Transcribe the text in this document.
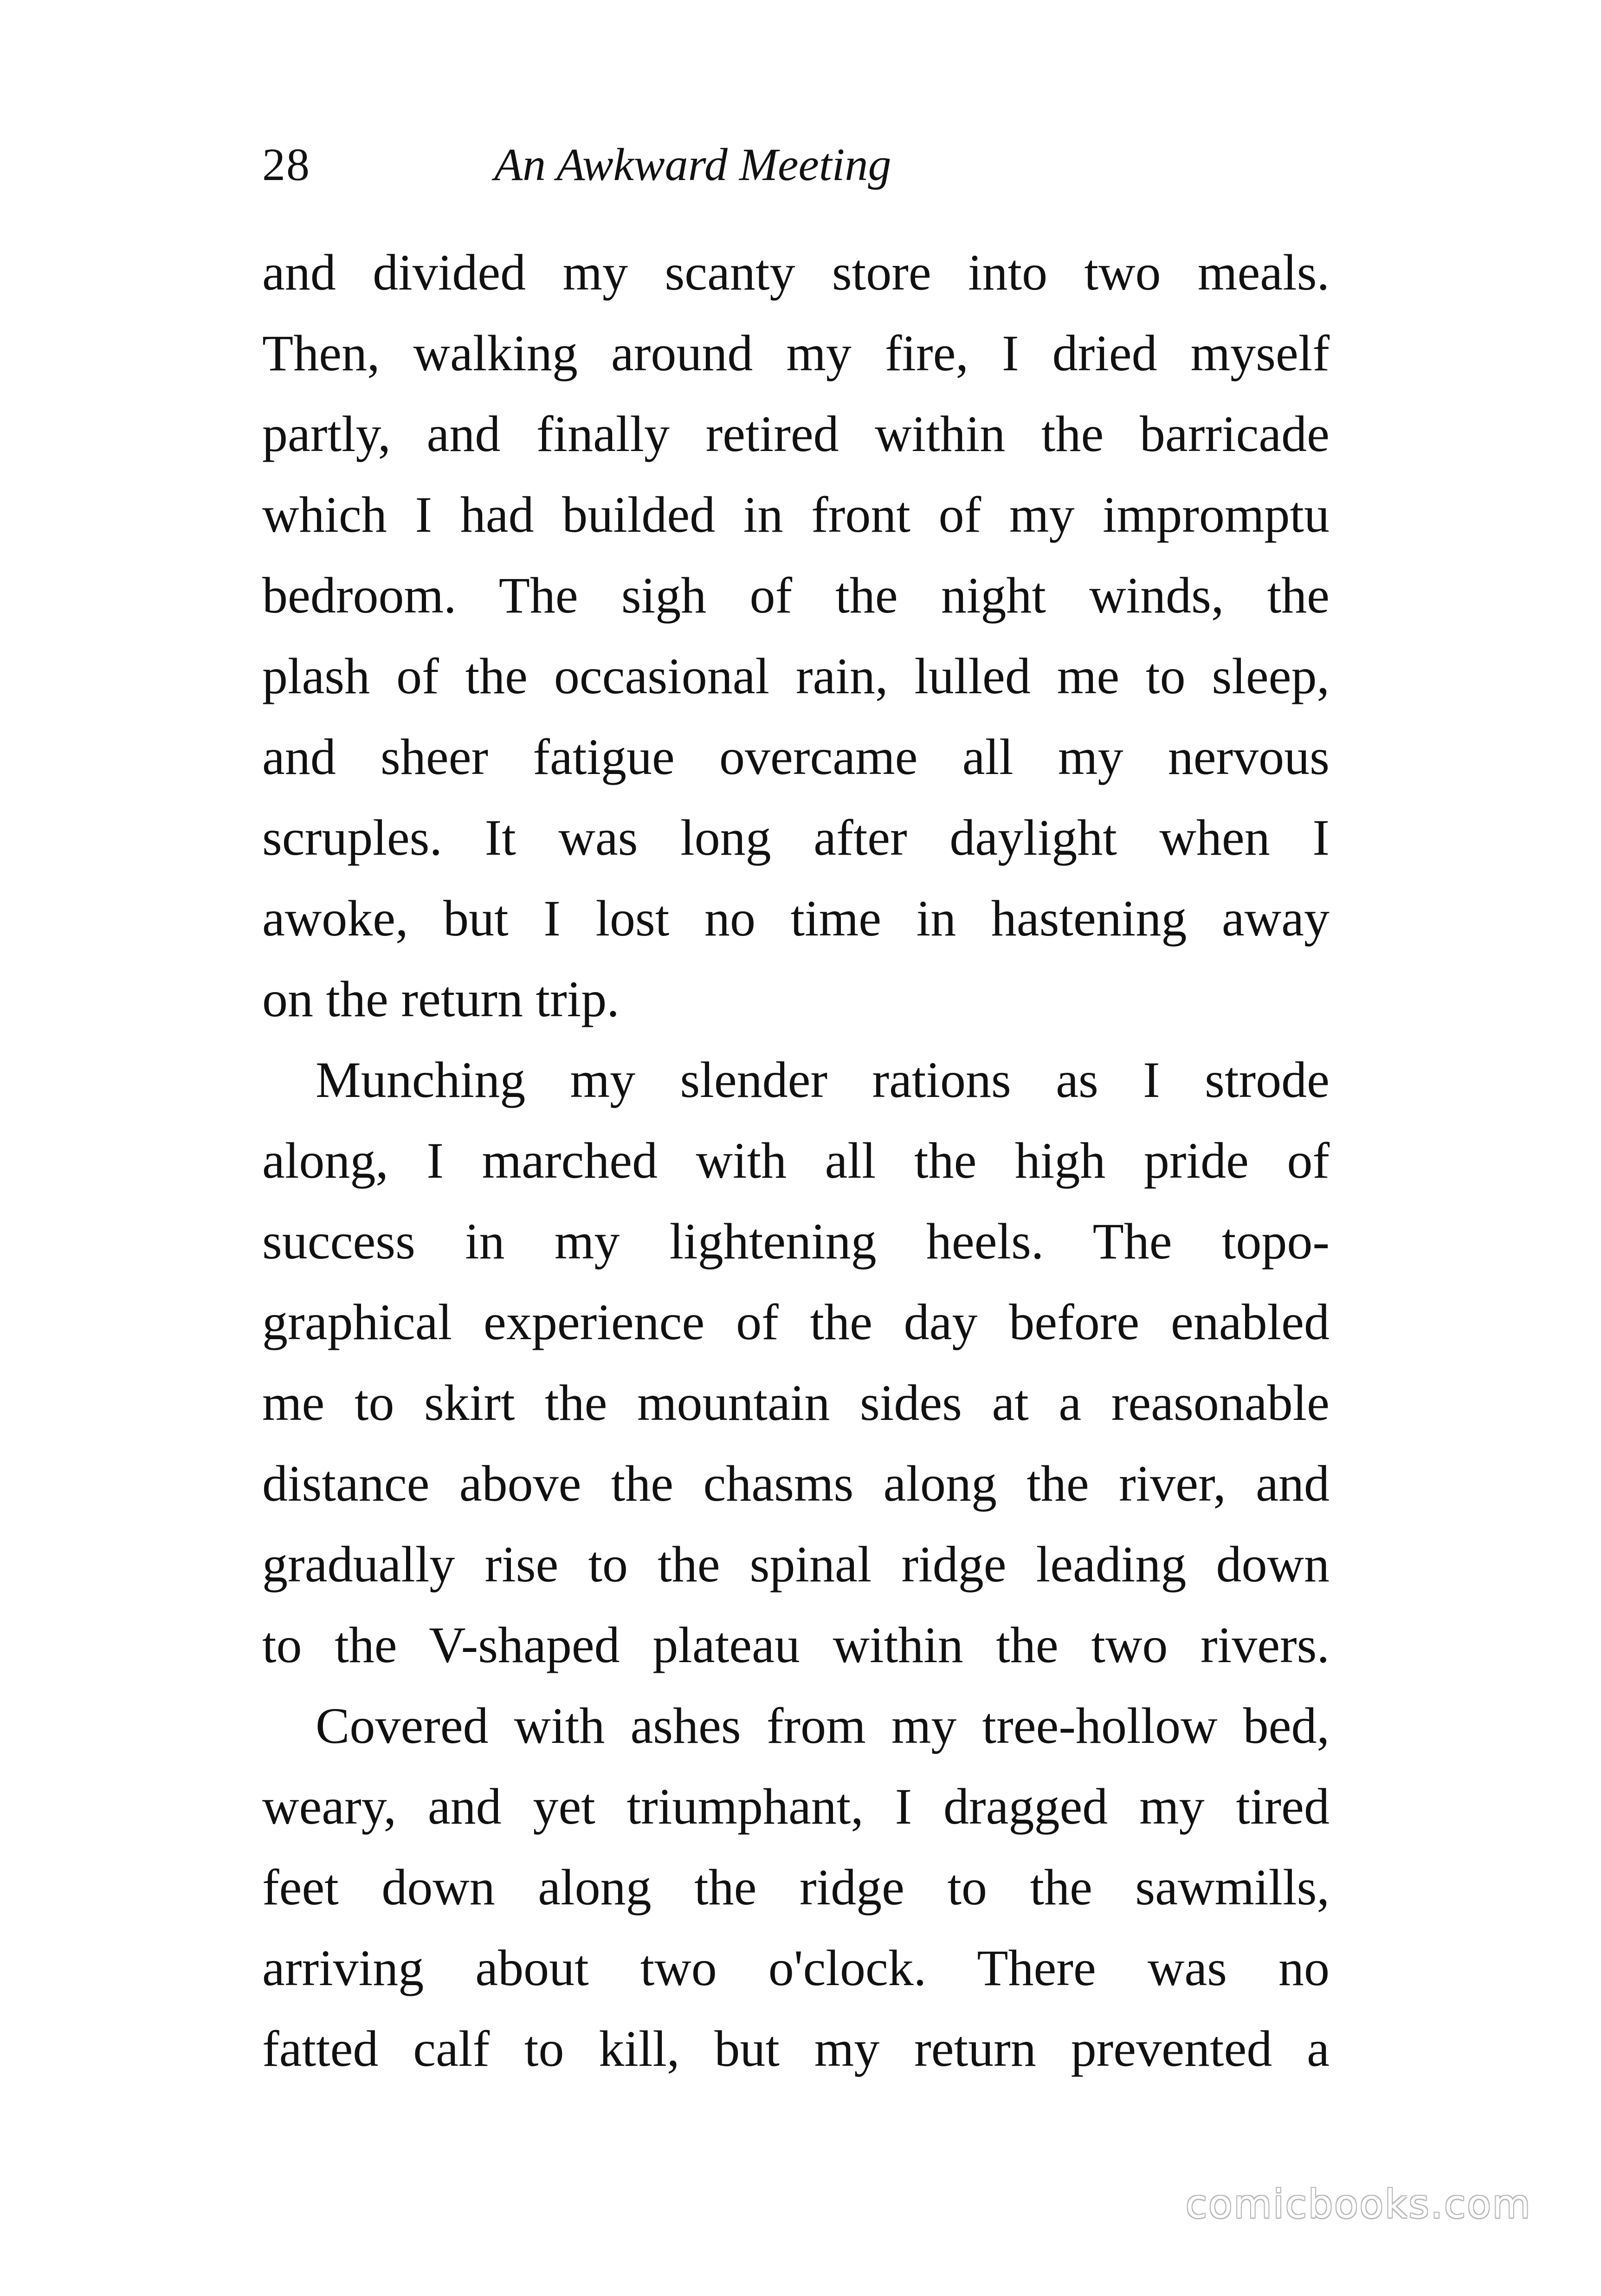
28	An Awkward Meeting
and divided my scanty store into two meals.
Then, walking around my fire, I dried myself
partly, and finally retired within the barricade
which I had builded in front of my impromptu
bedroom. The sigh of the night winds, the
plash of the occasional rain, lulled me to sleep,
and sheer fatigue overcame all my nervous
scruples. It was long after daylight when I
awoke, but I lost no time in hastening away
on the return trip.
Munching my slender rations as I strode
along, I marched with all the high pride of
success in my lightening heels. The topo-
graphical experience of the day before enabled
me to skirt the mountain sides at a reasonable
distance above the chasms along the river, and
gradually rise to the spinal ridge leading down
to the V-shaped plateau within the two rivers.
Covered with ashes from my tree-hollow bed,
weary, and yet triumphant, I dragged my tired
feet down along the ridge to the sawmills,
arriving about two o'clock. There was no
fatted calf to kill, but my return prevented a
comicbooks.com
